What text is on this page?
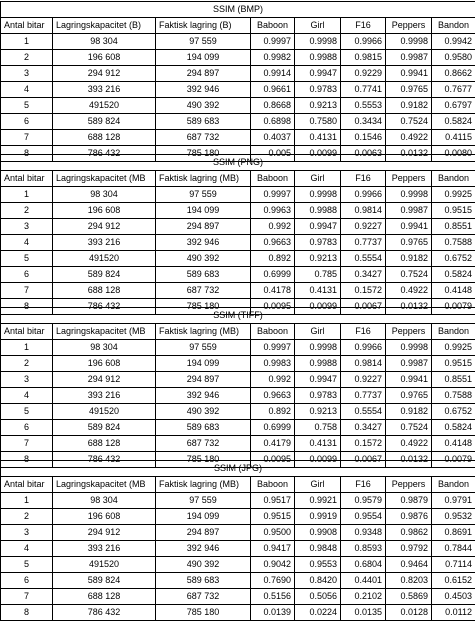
SSIM (BMP)							
Antal bitar	Lagringskapacitet (B)	Faktisk lagring (B)	Baboon	Girl	F16	Peppers	Bandon
1	98 304	97 559	0.9997	0.9998	0.9966	0.9998	0.9942
2	196 608	194 099	0.9982	0.9988	0.9815	0.9987	0.9580
3	294 912	294 897	0.9914	0.9947	0.9229	0.9941	0.8662
4	393 216	392 946	0.9661	0.9783	0.7741	0.9765	0.7677
5	491520	490 392	0.8668	0.9213	0.5553	0.9182	0.6797
6	589 824	589 683	0.6898	0.7580	0.3434	0.7524	0.5824
7	688 128	687 732	0.4037	0.4131	0.1546	0.4922	0.4115
8	786 432	785 180	0.005	0.0099	0.0063	0.0132	0.0080
SSIM (PNG)							
Antal bitar	Lagringskapacitet (MB	Faktisk lagring (MB)	Baboon	Girl	F16	Peppers	Bandon
1	98 304	97 559	0.9997	0.9998	0.9966	0.9998	0.9925
2	196 608	194 099	0.9963	0.9988	0.9814	0.9987	0.9515
3	294 912	294 897	0.992	0.9947	0.9227	0.9941	0.8551
4	393 216	392 946	0.9663	0.9783	0.7737	0.9765	0.7588
5	491520	490 392	0.892	0.9213	0.5554	0.9182	0.6752
6	589 824	589 683	0.6999	0.785	0.3427	0.7524	0.5824
7	688 128	687 732	0.4178	0.4131	0.1572	0.4922	0.4148
8	786 432	785 180	0.0095	0.0099	0.0067	0.0132	0.0079
SSIM (TIFF)							
Antal bitar	Lagringskapacitet (MB	Faktisk lagring (MB)	Baboon	Girl	F16	Peppers	Bandon
1	98 304	97 559	0.9997	0.9998	0.9966	0.9998	0.9925
2	196 608	194 099	0.9983	0.9988	0.9814	0.9987	0.9515
3	294 912	294 897	0.992	0.9947	0.9227	0.9941	0.8551
4	393 216	392 946	0.9663	0.9783	0.7737	0.9765	0.7588
5	491520	490 392	0.892	0.9213	0.5554	0.9182	0.6752
6	589 824	589 683	0.6999	0.758	0.3427	0.7524	0.5824
7	688 128	687 732	0.4179	0.4131	0.1572	0.4922	0.4148
8	786 432	785 180	0.0095	0.0099	0.0067	0.0132	0.0079
SSIM (JPG)							
Antal bitar	Lagringskapacitet (MB	Faktisk lagring (MB)	Baboon	Girl	F16	Peppers	Bandon
1	98 304	97 559	0.9517	0.9921	0.9579	0.9879	0.9791
2	196 608	194 099	0.9515	0.9919	0.9554	0.9876	0.9532
3	294 912	294 897	0.9500	0.9908	0.9348	0.9862	0.8691
4	393 216	392 946	0.9417	0.9848	0.8593	0.9792	0.7844
5	491520	490 392	0.9042	0.9553	0.6804	0.9464	0.7114
6	589 824	589 683	0.7690	0.8420	0.4401	0.8203	0.6152
7	688 128	687 732	0.5156	0.5056	0.2102	0.5869	0.4503
8	786 432	785 180	0.0139	0.0224	0.0135	0.0128	0.0112
